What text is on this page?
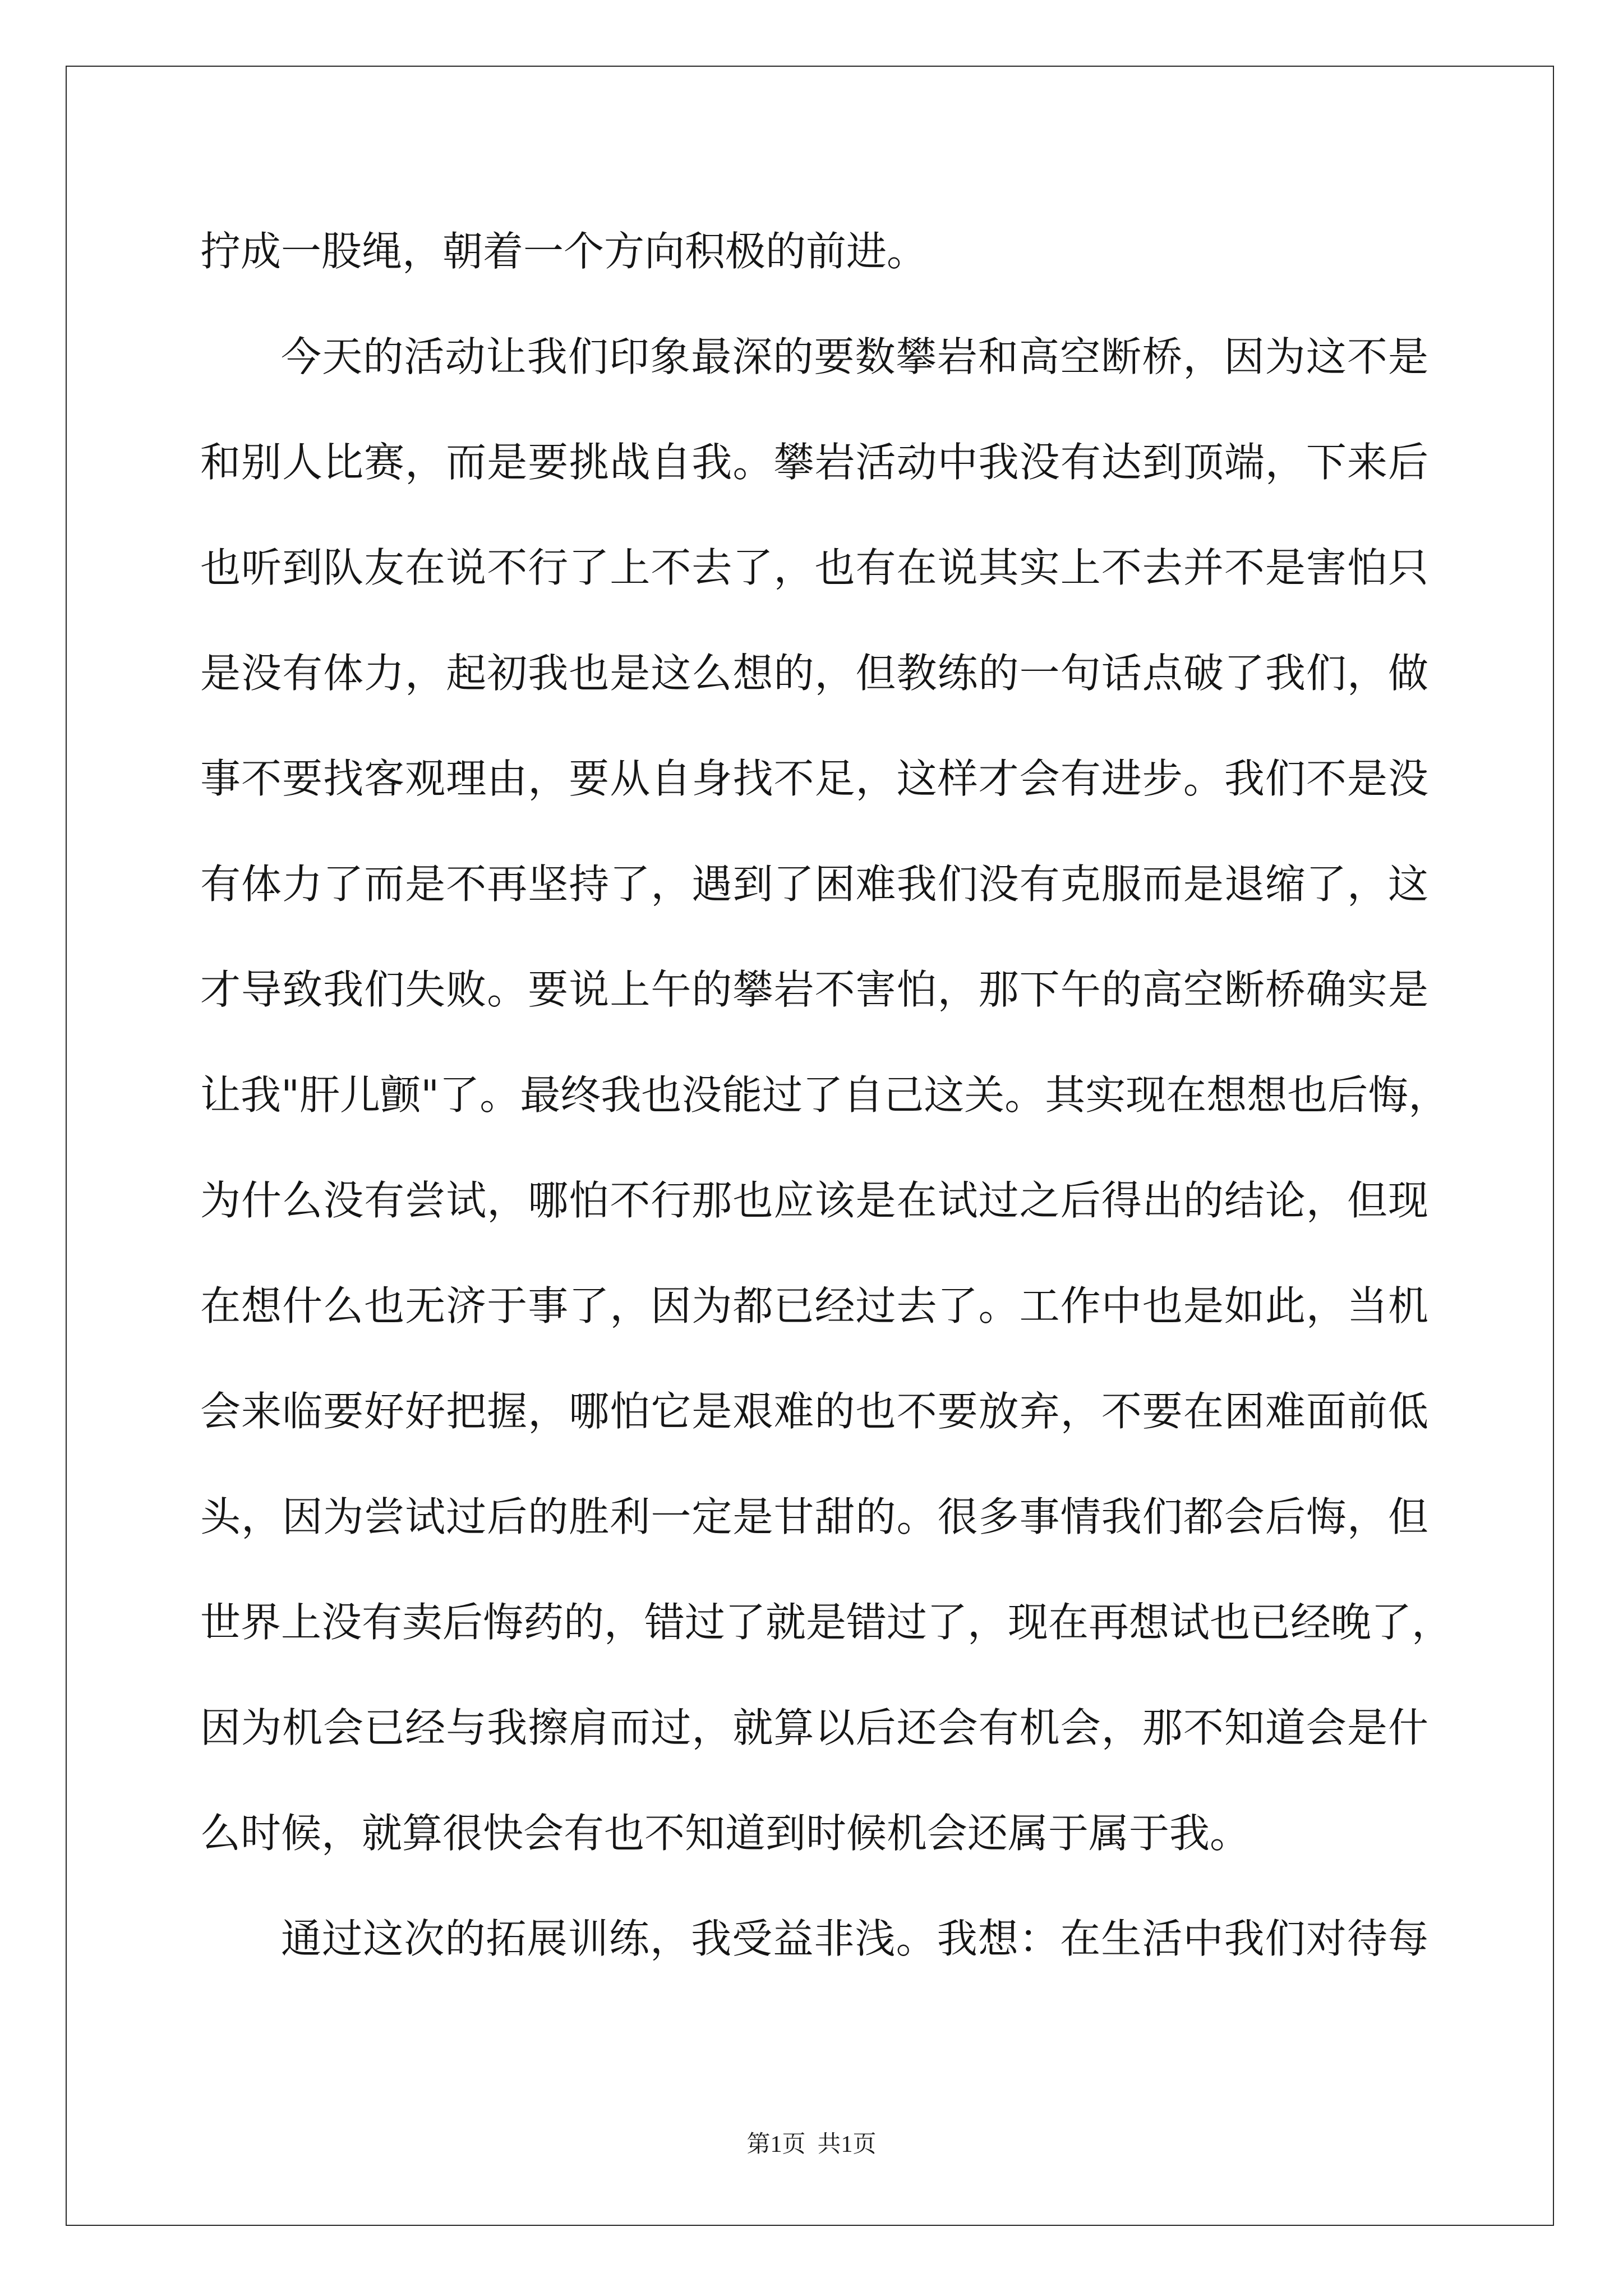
拧成一股绳，朝着一个方向积极的前进。
今天的活动让我们印象最深的要数攀岩和高空断桥，因为这不是
和别人比赛，而是要挑战自我。攀岩活动中我没有达到顶端，下来后
也听到队友在说不行了上不去了，也有在说其实上不去并不是害怕只
是没有体力，起初我也是这么想的，但教练的一句话点破了我们，做
事不要找客观理由，要从自身找不足，这样才会有进步。我们不是没
有体力了而是不再坚持了，遇到了困难我们没有克服而是退缩了，这
才导致我们失败。要说上午的攀岩不害怕，那下午的高空断桥确实是
让我"肝儿颤"了。最终我也没能过了自己这关。其实现在想想也后悔，
为什么没有尝试，哪怕不行那也应该是在试过之后得出的结论，但现
在想什么也无济于事了，因为都已经过去了。工作中也是如此，当机
会来临要好好把握，哪怕它是艰难的也不要放弃，不要在困难面前低
头，因为尝试过后的胜利一定是甘甜的。很多事情我们都会后悔，但
世界上没有卖后悔药的，错过了就是错过了，现在再想试也已经晚了，
因为机会已经与我擦肩而过，就算以后还会有机会，那不知道会是什
么时候，就算很快会有也不知道到时候机会还属于属于我。
通过这次的拓展训练，我受益非浅。我想：在生活中我们对待每
第1页  共1页
